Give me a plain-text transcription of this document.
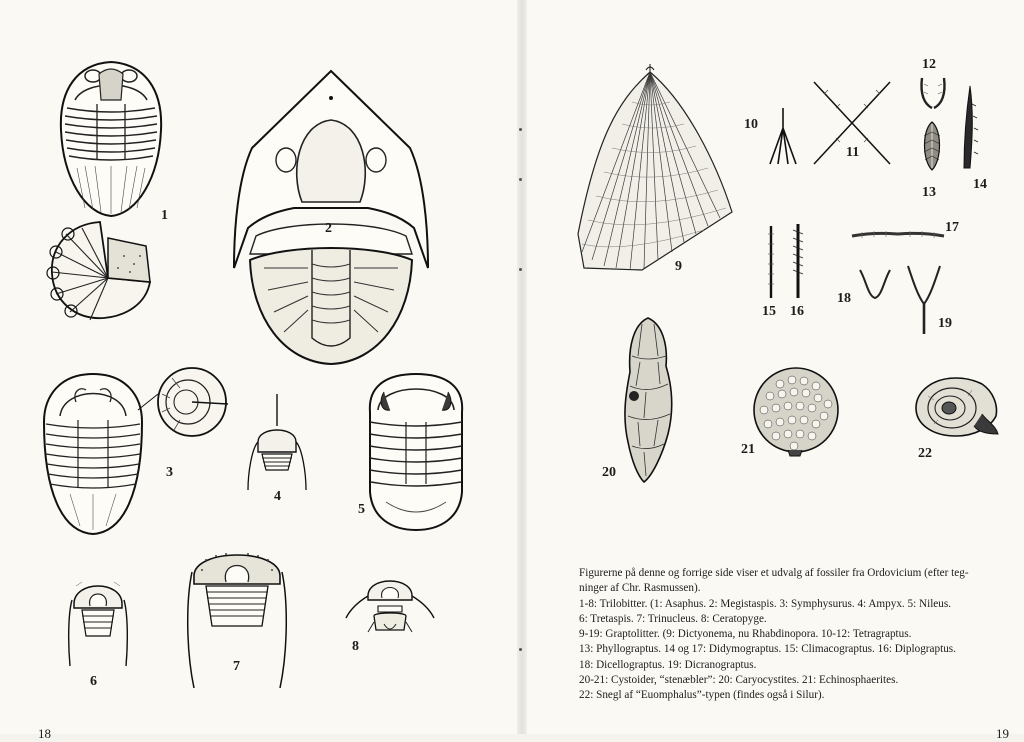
1
2
3
4
5
6
7
8
18
9
10
11
12
13
14
15 16
17
18
19
20
21	22
Figurerne på denne og forrige side viser et udvalg af fossiler fra Ordovicium (efter teg-
ninger af Chr. Rasmussen).
1-8: Trilobitter. (1: Asaphus. 2: Megistaspis. 3: Symphysurus. 4: Ampyx. 5: Nileus.
6: Tretaspis. 7: Trinucleus. 8: Ceratopyge.
9-19: Graptolitter. (9: Dictyonema, nu Rhabdinopora. 10-12: Tetragraptus.
13: Phyllograptus. 14 og 17: Didymograptus. 15: Climacograptus. 16: Diplograptus.
18: Dicellograptus. 19: Dicranograptus.
20-21: Cystoider, “stenæbler”: 20: Caryocystites. 21: Echinosphaerites.
22: Snegl af “Euomphalus”-typen (findes også i Silur).
19
